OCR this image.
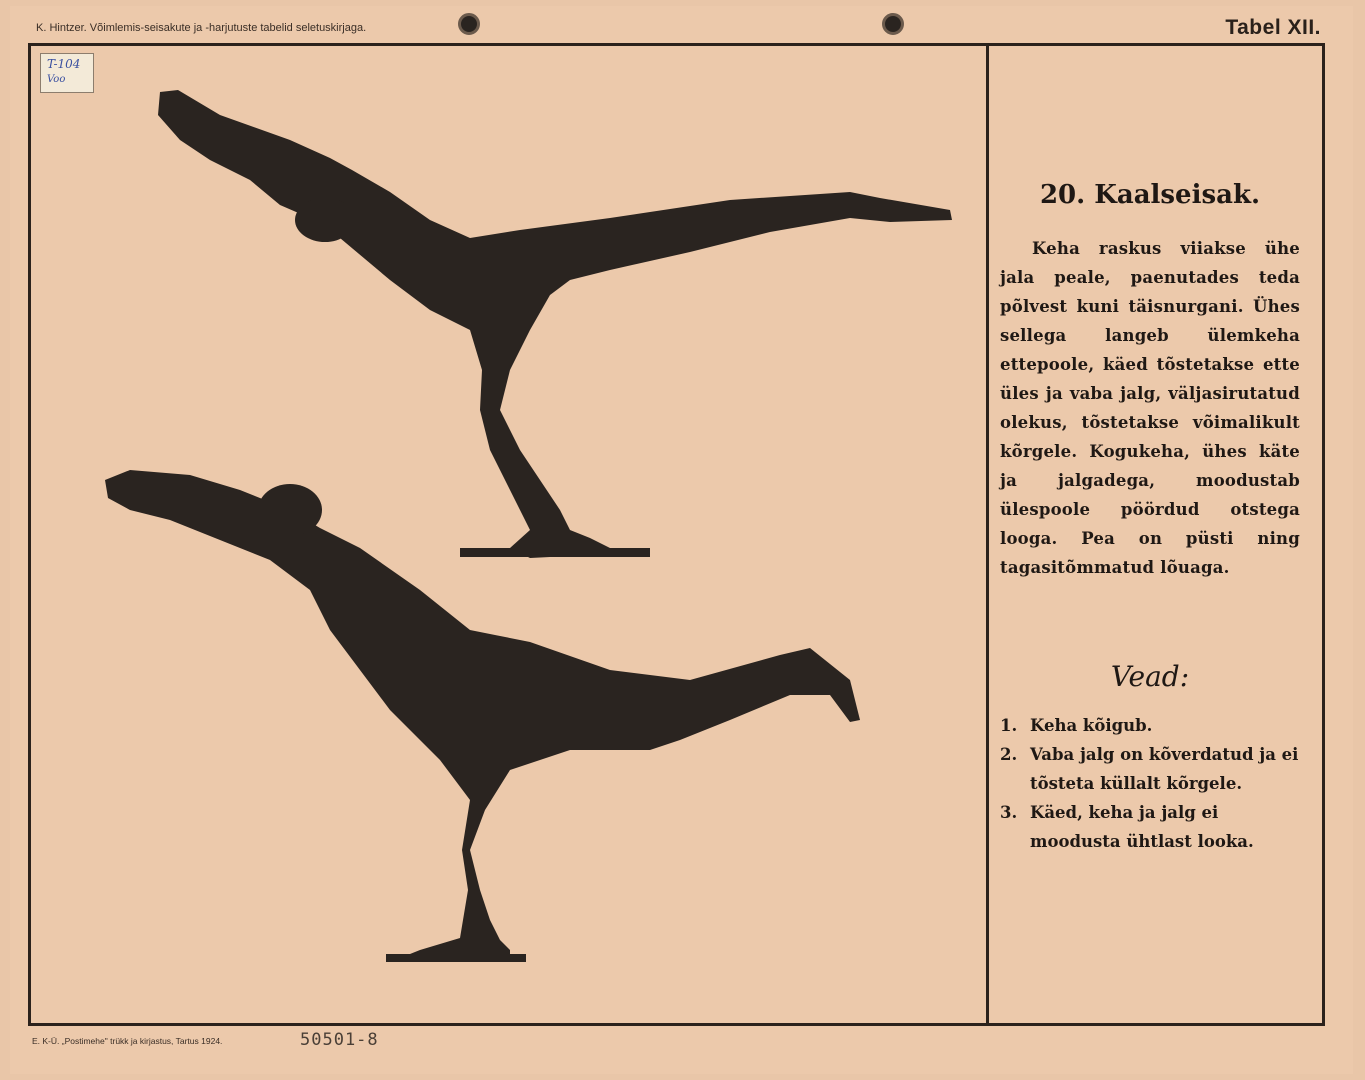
K. Hintzer. Võimlemis-seisakute ja -harjutuste tabelid seletuskirjaga.	Tabel XII.
T-104
Voo
20. Kaalseisak.
Keha raskus viiakse ühe jala peale, paenutades teda põlvest kuni täisnurgani. Ühes sellega langeb ülemkeha ettepoole, käed tõstetakse ette üles ja vaba jalg, väljasirutatud olekus, tõstetakse võimalikult kõrgele. Kogukeha, ühes käte ja jalgadega, moodustab ülespoole pöördud otstega looga. Pea on püsti ning tagasitõmmatud lõuaga.
Vead:
1. Keha kõigub.
2. Vaba jalg on kõverdatud ja ei tõsteta küllalt kõrgele.
3. Käed, keha ja jalg ei moodusta ühtlast looka.
E. K-Ü. „Postimehe" trükk ja kirjastus, Tartus 1924.	50501-8
